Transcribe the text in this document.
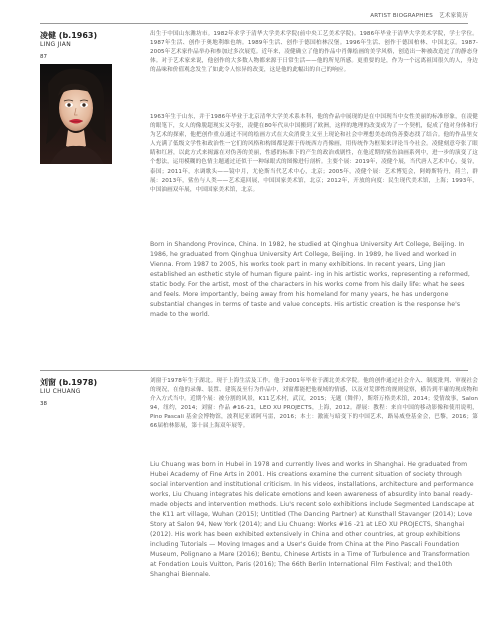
ARTIST BIOGRAPHIES 艺术家简历
凌健 (b.1963)
LING JIAN
87

出生于中国山东潍坊市。1982年求学于清华大学美术学院(前中央工艺美术学院)。1986年毕业于清华大学美术学院，学士学位。1987年生活、创作于奥地利维也纳。1989年生活、创作于德国柏林汉堡。1996年生活、创作于德国柏林、中国北京。1987-2005年艺术家作品举办和参加过多次展览。近年来，凌健确立了他的作品中肖像绘画的美学风格，创造出一种被改造过了的静态身体。对于艺术家来说，他创作的大多数人物都来源于日常生活——他的所见所感。更重要的是，作为一个远离祖国很久的人，身边的品味和价值观念发生了如此令人惊异的改变，这是他的此幅出的自己的响应。

1963年生于山东，并于1986年毕业于北京清华大学美术系本科，他的作品中展现的是在中国现当中女性美丽的标准形象，在凌健的眼笔下，女人的像脱超现实又夸张，凌健在80年代从中国搬到了欧洲，这样的地理的改变成为了一个契机，促成了他对身体和行为艺术的探索，他把创作重点通过不同的绘画方式在大众消费主义至上现论和社会中理想美态的伪善姿态找了结合。他的作品里女人充满了低级文学性和政治性一它们的风格和构图都是源于传统西方肖像画，用传统作为框架来评论当今社会。凌健刻意夸张了眼睛和红唇，以此方式来揭露在对伪善的美丽，性感的标准下的产生的政治戏剧性，在他近期的鲨鱼油画系列中，进一步的演变了这个想法，运用模糊的色情主题通过还似于一种绿眼式的图像进行剖析。主要个展：2019年，凌健个展，当代唐人艺术中心，曼谷，泰国；2011年，水调歌头——镜中月，尤伦斯当代艺术中心，北京；2005年，凌健个展：艺术博览会，阿姆斯特丹，荷兰，群展：2013年，鲨鱼与人类——艺术巡回展，中国国家美术馆，北京；2012年，开放的向度：民生现代美术馆，上海；1993年，中国油画双年展，中国国家美术馆，北京。

Born in Shandong Province, China. In 1982, he studied at Qinghua University Art College, Beijing. In 1986, he graduated from Qinghua University Art College, Beijing. In 1989, he lived and worked in Vienna. From 1987 to 2005, his works took part in many exhibitions. In recent years, Ling Jian established an esthetic style of human figure paint- ing in his artistic works, representing a reformed, static body. For the artist, most of the characters in his works come from his daily life: what he sees and feels. More importantly, being away from his homeland for many years, he has undergone substantial changes in terms of taste and value concepts. His artistic creation is the response he's made to the world.

刘窗 (b.1978)
LIU CHUANG
38

刘窗于1978年生于湖北。现于上海生活及工作。他于2001年毕业于湖北美术学院。他的创作通过社会介入、制度批判、审视社会的现况，在他的录像、装置、建筑及至行为作品中，刘窗都能把他视域的情感，以及对荒谬性的规则觉察，横告到半庸的现成物和介入方式当中。近期个展：被分割的风景，K11艺术村，武汉，2015；无题（舞伴），斯塔万格美术馆，2014；爱情故事，Salon 94，纽约，2014；刘窗：作品 #16-21，LEO XU PROJECTS，上海，2012。群展：教程：来自中国的移动影像和使用说明，Pino Pascali 基金会博物馆，波利尼亚诺阿马雷，2016；本土：激流与暗变下的中国艺术，路易威登基金会，巴黎，2016；第66届柏林影展，第十届上海双年展等。

Liu Chuang was born in Hubei in 1978 and currently lives and works in Shanghai. He graduated from Hubei Academy of Fine Arts in 2001. His creations examine the current situation of society through social intervention and institutional criticism. In his videos, installations, architecture and performance works, Liu Chuang integrates his delicate emotions and keen awareness of absurdity into banal ready-made objects and intervention methods. Liu's recent solo exhibitions include Segmented Landscape at the K11 art village, Wuhan (2015); Untitled (The Dancing Partner) at Kunsthall Stavanger (2014); Love Story at Salon 94, New York (2014); and Liu Chuang: Works #16 -21 at LEO XU PROJECTS, Shanghai (2012). His work has been exhibited extensively in China and other countries, at group exhibitions including Tutorials — Moving Images and a User's Guide from China at the Pino Pascali Foundation Museum, Polignano a Mare (2016); Bentu, Chinese Artists in a Time of Turbulence and Transformation at Fondation Louis Vuitton, Paris (2016); The 66th Berlin International Film Festival; and the10th Shanghai Biennale.
